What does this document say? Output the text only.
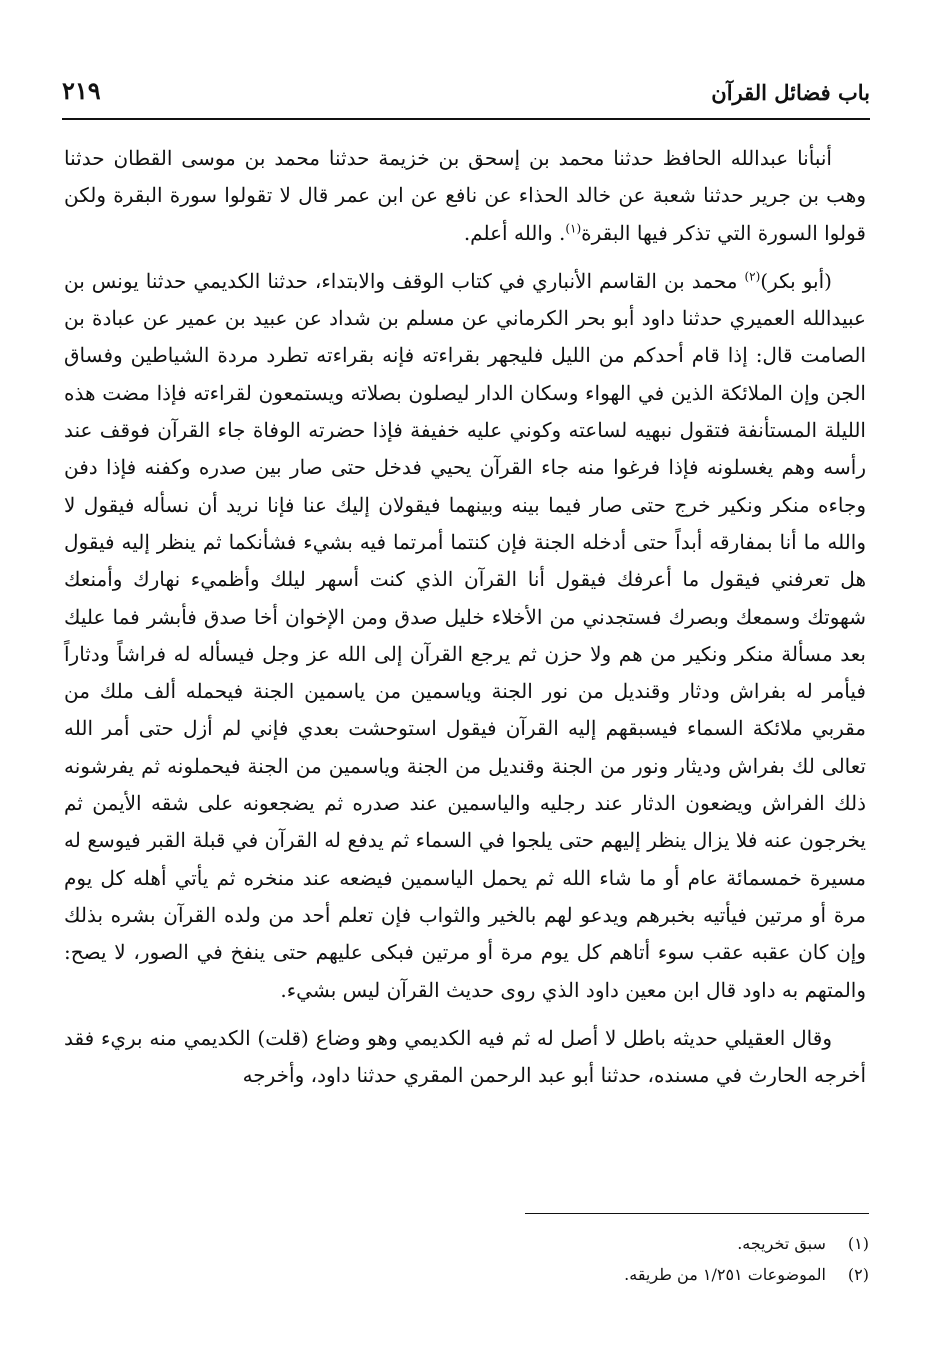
باب فضائل القرآن
٢١٩

أنبأنا عبدالله الحافظ حدثنا محمد بن إسحق بن خزيمة حدثنا محمد بن موسى القطان حدثنا وهب بن جرير حدثنا شعبة عن خالد الحذاء عن نافع عن ابن عمر قال لا تقولوا سورة البقرة ولكن قولوا السورة التي تذكر فيها البقرة$^{(١)}$. والله أعلم.

(أبو بكر)$^{(٢)}$ محمد بن القاسم الأنباري في كتاب الوقف والابتداء، حدثنا الكديمي حدثنا يونس بن عبيدالله العميري حدثنا داود أبو بحر الكرماني عن مسلم بن شداد عن عبيد بن عمير عن عبادة بن الصامت قال: إذا قام أحدكم من الليل فليجهر بقراءته فإنه بقراءته تطرد مردة الشياطين وفساق الجن وإن الملائكة الذين في الهواء وسكان الدار ليصلون بصلاته ويستمعون لقراءته فإذا مضت هذه الليلة المستأنفة فتقول نبهيه لساعته وكوني عليه خفيفة فإذا حضرته الوفاة جاء القرآن فوقف عند رأسه وهم يغسلونه فإذا فرغوا منه جاء القرآن يحيي فدخل حتى صار بين صدره وكفنه فإذا دفن وجاءه منكر ونكير خرج حتى صار فيما بينه وبينهما فيقولان إليك عنا فإنا نريد أن نسأله فيقول لا والله ما أنا بمفارقه أبداً حتى أدخله الجنة فإن كنتما أمرتما فيه بشيء فشأنكما ثم ينظر إليه فيقول هل تعرفني فيقول ما أعرفك فيقول أنا القرآن الذي كنت أسهر ليلك وأظميء نهارك وأمنعك شهوتك وسمعك وبصرك فستجدني من الأخلاء خليل صدق ومن الإخوان أخا صدق فأبشر فما عليك بعد مسألة منكر ونكير من هم ولا حزن ثم يرجع القرآن إلى الله عز وجل فيسأله له فراشاً ودثاراً فيأمر له بفراش ودثار وقنديل من نور الجنة وياسمين من ياسمين الجنة فيحمله ألف ملك من مقربي ملائكة السماء فيسبقهم إليه القرآن فيقول استوحشت بعدي فإني لم أزل حتى أمر الله تعالى لك بفراش وديثار ونور من الجنة وقنديل من الجنة وياسمين من الجنة فيحملونه ثم يفرشونه ذلك الفراش ويضعون الدثار عند رجليه والياسمين عند صدره ثم يضجعونه على شقه الأيمن ثم يخرجون عنه فلا يزال ينظر إليهم حتى يلجوا في السماء ثم يدفع له القرآن في قبلة القبر فيوسع له مسيرة خمسمائة عام أو ما شاء الله ثم يحمل الياسمين فيضعه عند منخره ثم يأتي أهله كل يوم مرة أو مرتين فيأتيه بخبرهم ويدعو لهم بالخير والثواب فإن تعلم أحد من ولده القرآن بشره بذلك وإن كان عقبه عقب سوء أتاهم كل يوم مرة أو مرتين فبكى عليهم حتى ينفخ في الصور، لا يصح: والمتهم به داود قال ابن معين داود الذي روى حديث القرآن ليس بشيء.

وقال العقيلي حديثه باطل لا أصل له ثم فيه الكديمي وهو وضاع (قلت) الكديمي منه بريء فقد أخرجه الحارث في مسنده، حدثنا أبو عبد الرحمن المقري حدثنا داود، وأخرجه

(١) سبق تخريجه.
(٢) الموضوعات ١/٢٥١ من طريقه.
